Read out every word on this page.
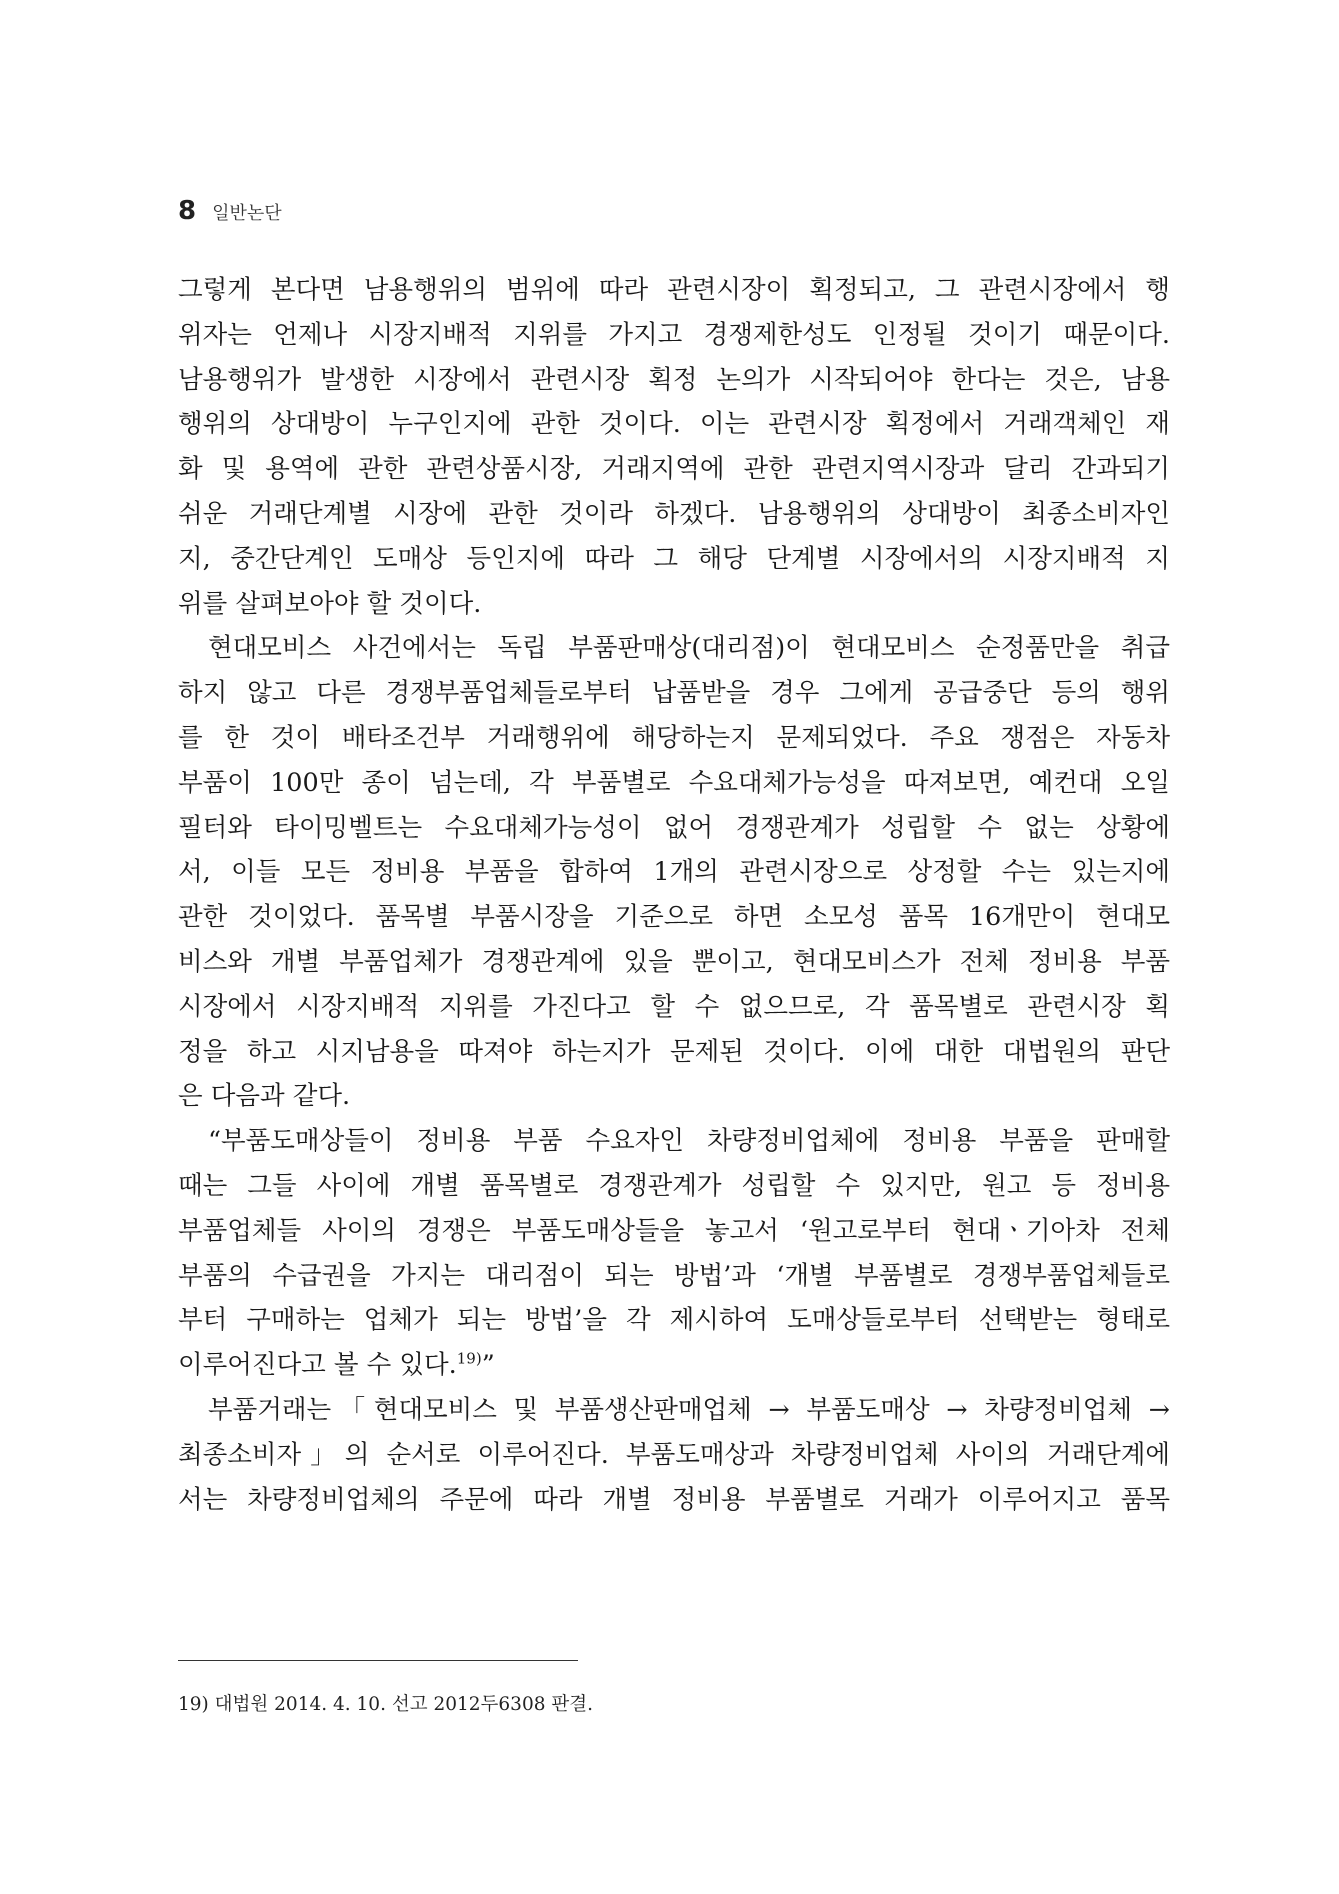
8 일반논단
그렇게 본다면 남용행위의 범위에 따라 관련시장이 획정되고, 그 관련시장에서 행
위자는 언제나 시장지배적 지위를 가지고 경쟁제한성도 인정될 것이기 때문이다.
남용행위가 발생한 시장에서 관련시장 획정 논의가 시작되어야 한다는 것은, 남용
행위의 상대방이 누구인지에 관한 것이다. 이는 관련시장 획정에서 거래객체인 재
화 및 용역에 관한 관련상품시장, 거래지역에 관한 관련지역시장과 달리 간과되기
쉬운 거래단계별 시장에 관한 것이라 하겠다. 남용행위의 상대방이 최종소비자인
지, 중간단계인 도매상 등인지에 따라 그 해당 단계별 시장에서의 시장지배적 지
위를 살펴보아야 할 것이다.
현대모비스 사건에서는 독립 부품판매상(대리점)이 현대모비스 순정품만을 취급
하지 않고 다른 경쟁부품업체들로부터 납품받을 경우 그에게 공급중단 등의 행위
를 한 것이 배타조건부 거래행위에 해당하는지 문제되었다. 주요 쟁점은 자동차
부품이 100만 종이 넘는데, 각 부품별로 수요대체가능성을 따져보면, 예컨대 오일
필터와 타이밍벨트는 수요대체가능성이 없어 경쟁관계가 성립할 수 없는 상황에
서, 이들 모든 정비용 부품을 합하여 1개의 관련시장으로 상정할 수는 있는지에
관한 것이었다. 품목별 부품시장을 기준으로 하면 소모성 품목 16개만이 현대모
비스와 개별 부품업체가 경쟁관계에 있을 뿐이고, 현대모비스가 전체 정비용 부품
시장에서 시장지배적 지위를 가진다고 할 수 없으므로, 각 품목별로 관련시장 획
정을 하고 시지남용을 따져야 하는지가 문제된 것이다. 이에 대한 대법원의 판단
은 다음과 같다.
“부품도매상들이 정비용 부품 수요자인 차량정비업체에 정비용 부품을 판매할
때는 그들 사이에 개별 품목별로 경쟁관계가 성립할 수 있지만, 원고 등 정비용
부품업체들 사이의 경쟁은 부품도매상들을 놓고서 ‘원고로부터 현대ㆍ기아차 전체
부품의 수급권을 가지는 대리점이 되는 방법’과 ‘개별 부품별로 경쟁부품업체들로
부터 구매하는 업체가 되는 방법’을 각 제시하여 도매상들로부터 선택받는 형태로
이루어진다고 볼 수 있다.$^{19)}$”
부품거래는「현대모비스 및 부품생산판매업체 → 부품도매상 → 차량정비업체 →
최종소비자」의 순서로 이루어진다. 부품도매상과 차량정비업체 사이의 거래단계에
서는 차량정비업체의 주문에 따라 개별 정비용 부품별로 거래가 이루어지고 품목
19) 대법원 2014. 4. 10. 선고 2012두6308 판결.
